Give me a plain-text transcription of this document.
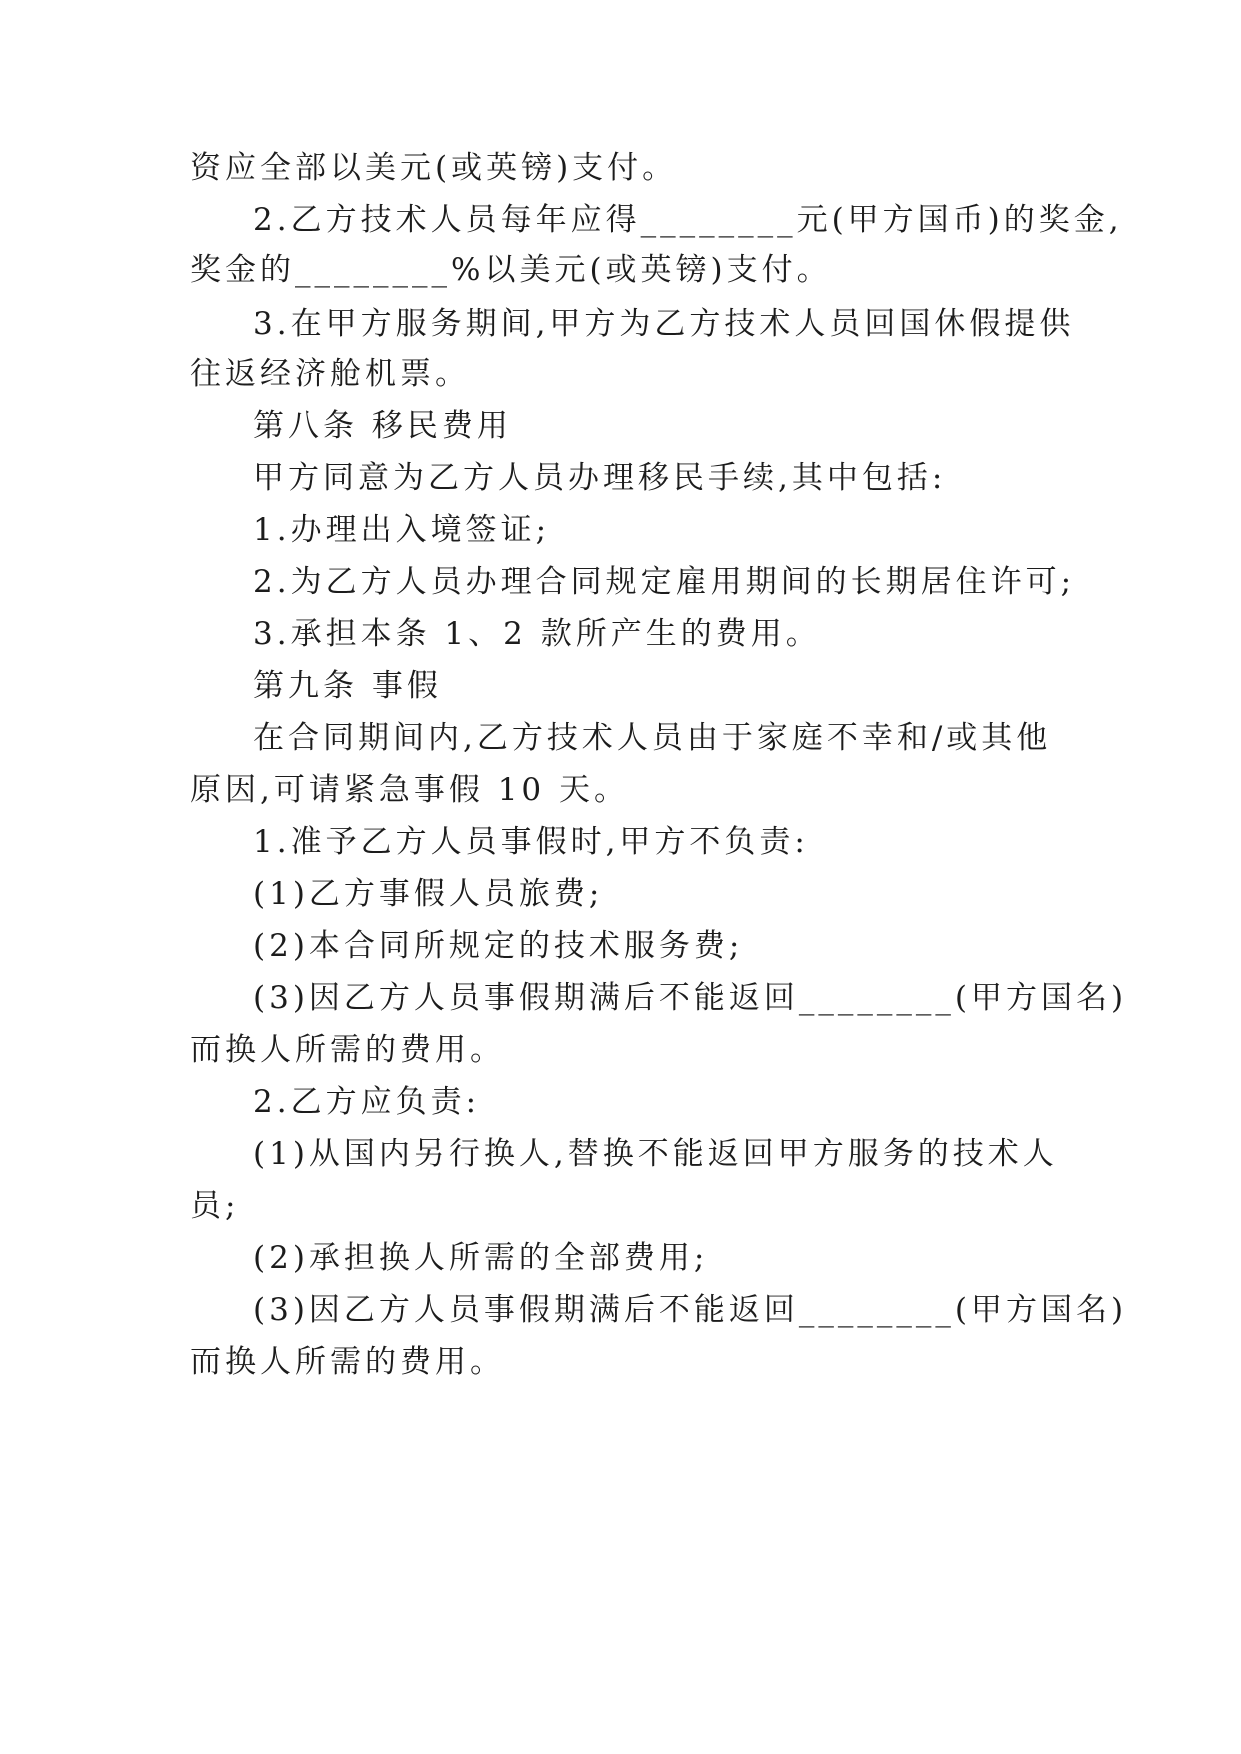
资应全部以美元(或英镑)支付。
2.乙方技术人员每年应得________元(甲方国币)的奖金,
奖金的________%以美元(或英镑)支付。
3.在甲方服务期间,甲方为乙方技术人员回国休假提供
往返经济舱机票。
第八条 移民费用
甲方同意为乙方人员办理移民手续,其中包括:
1.办理出入境签证;
2.为乙方人员办理合同规定雇用期间的长期居住许可;
3.承担本条 1、2 款所产生的费用。
第九条 事假
在合同期间内,乙方技术人员由于家庭不幸和/或其他
原因,可请紧急事假 10 天。
1.准予乙方人员事假时,甲方不负责:
(1)乙方事假人员旅费;
(2)本合同所规定的技术服务费;
(3)因乙方人员事假期满后不能返回________(甲方国名)
而换人所需的费用。
2.乙方应负责:
(1)从国内另行换人,替换不能返回甲方服务的技术人
员;
(2)承担换人所需的全部费用;
(3)因乙方人员事假期满后不能返回________(甲方国名)
而换人所需的费用。
